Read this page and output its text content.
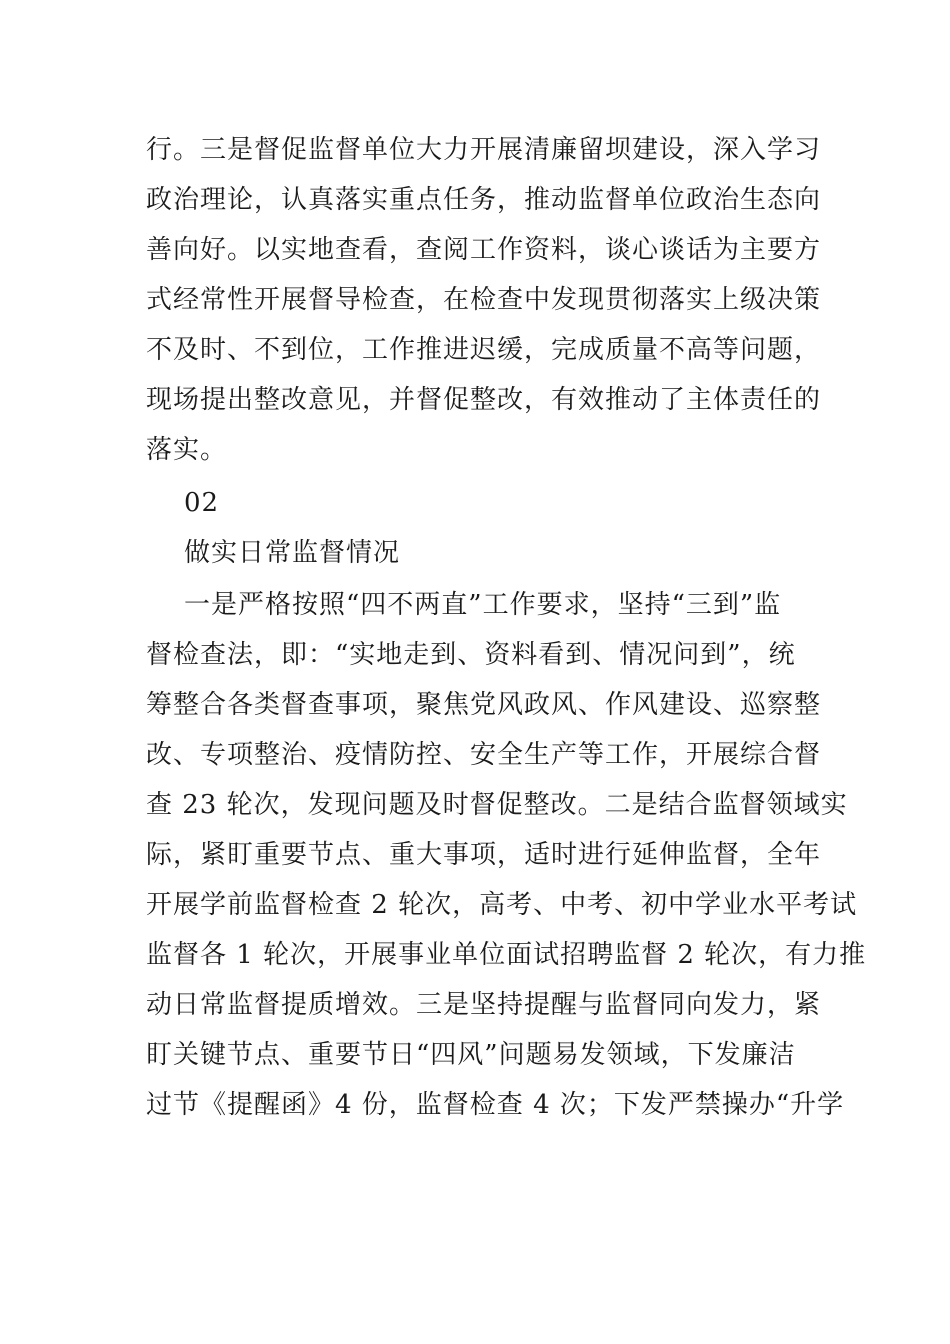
行。三是督促监督单位大力开展清廉留坝建设，深入学习
政治理论，认真落实重点任务，推动监督单位政治生态向
善向好。以实地查看，查阅工作资料，谈心谈话为主要方
式经常性开展督导检查，在检查中发现贯彻落实上级决策
不及时、不到位，工作推进迟缓，完成质量不高等问题，
现场提出整改意见，并督促整改，有效推动了主体责任的
落实。
02
做实日常监督情况
一是严格按照“四不两直”工作要求，坚持“三到”监
督检查法，即：“实地走到、资料看到、情况问到”，统
筹整合各类督查事项，聚焦党风政风、作风建设、巡察整
改、专项整治、疫情防控、安全生产等工作，开展综合督
查 23 轮次，发现问题及时督促整改。二是结合监督领域实
际，紧盯重要节点、重大事项，适时进行延伸监督，全年
开展学前监督检查 2 轮次，高考、中考、初中学业水平考试
监督各 1 轮次，开展事业单位面试招聘监督 2 轮次，有力推
动日常监督提质增效。三是坚持提醒与监督同向发力，紧
盯关键节点、重要节日“四风”问题易发领域，下发廉洁
过节《提醒函》4 份，监督检查 4 次；下发严禁操办“升学
